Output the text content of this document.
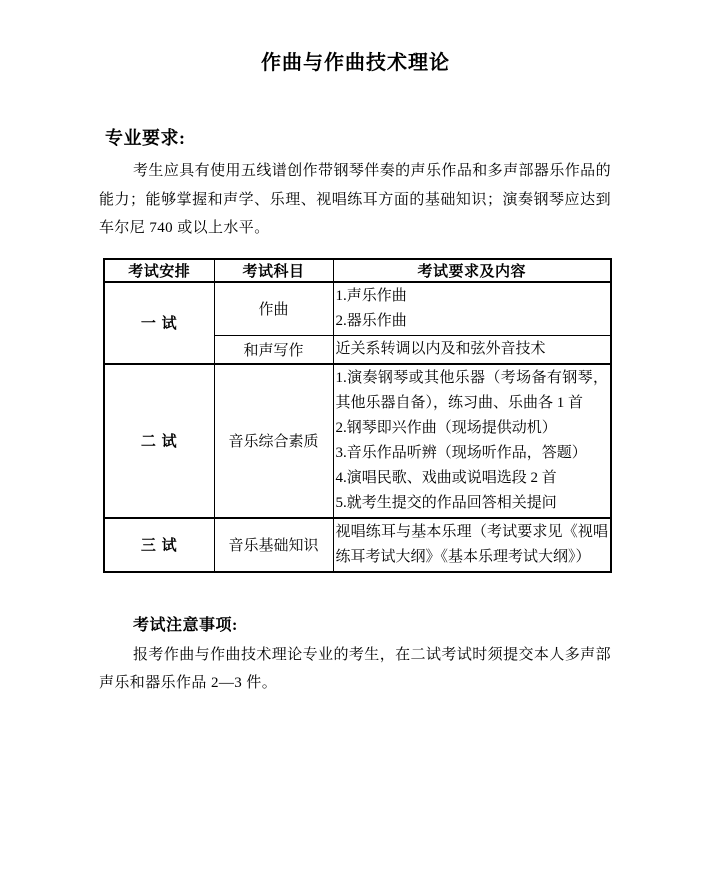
作曲与作曲技术理论
专业要求:

考生应具有使用五线谱创作带钢琴伴奏的声乐作品和多声部器乐作品的能力；能够掌握和声学、乐理、视唱练耳方面的基础知识；演奏钢琴应达到车尔尼 740 或以上水平。

考试安排	考试科目	考试要求及内容
一 试	作曲	1.声乐作曲
2.器乐作曲

	和声写作	近关系转调以内及和弦外音技术

二 试	音乐综合素质	1.演奏钢琴或其他乐器（考场备有钢琴，其他乐器自备），练习曲、乐曲各 1 首
2.钢琴即兴作曲（现场提供动机）
3.音乐作品听辨（现场听作品，答题）
4.演唱民歌、戏曲或说唱选段 2 首
5.就考生提交的作品回答相关提问

三 试	音乐基础知识	视唱练耳与基本乐理（考试要求见《视唱练耳考试大纲》《基本乐理考试大纲》）
考试注意事项:

报考作曲与作曲技术理论专业的考生，在二试考试时须提交本人多声部声乐和器乐作品 2—3 件。
